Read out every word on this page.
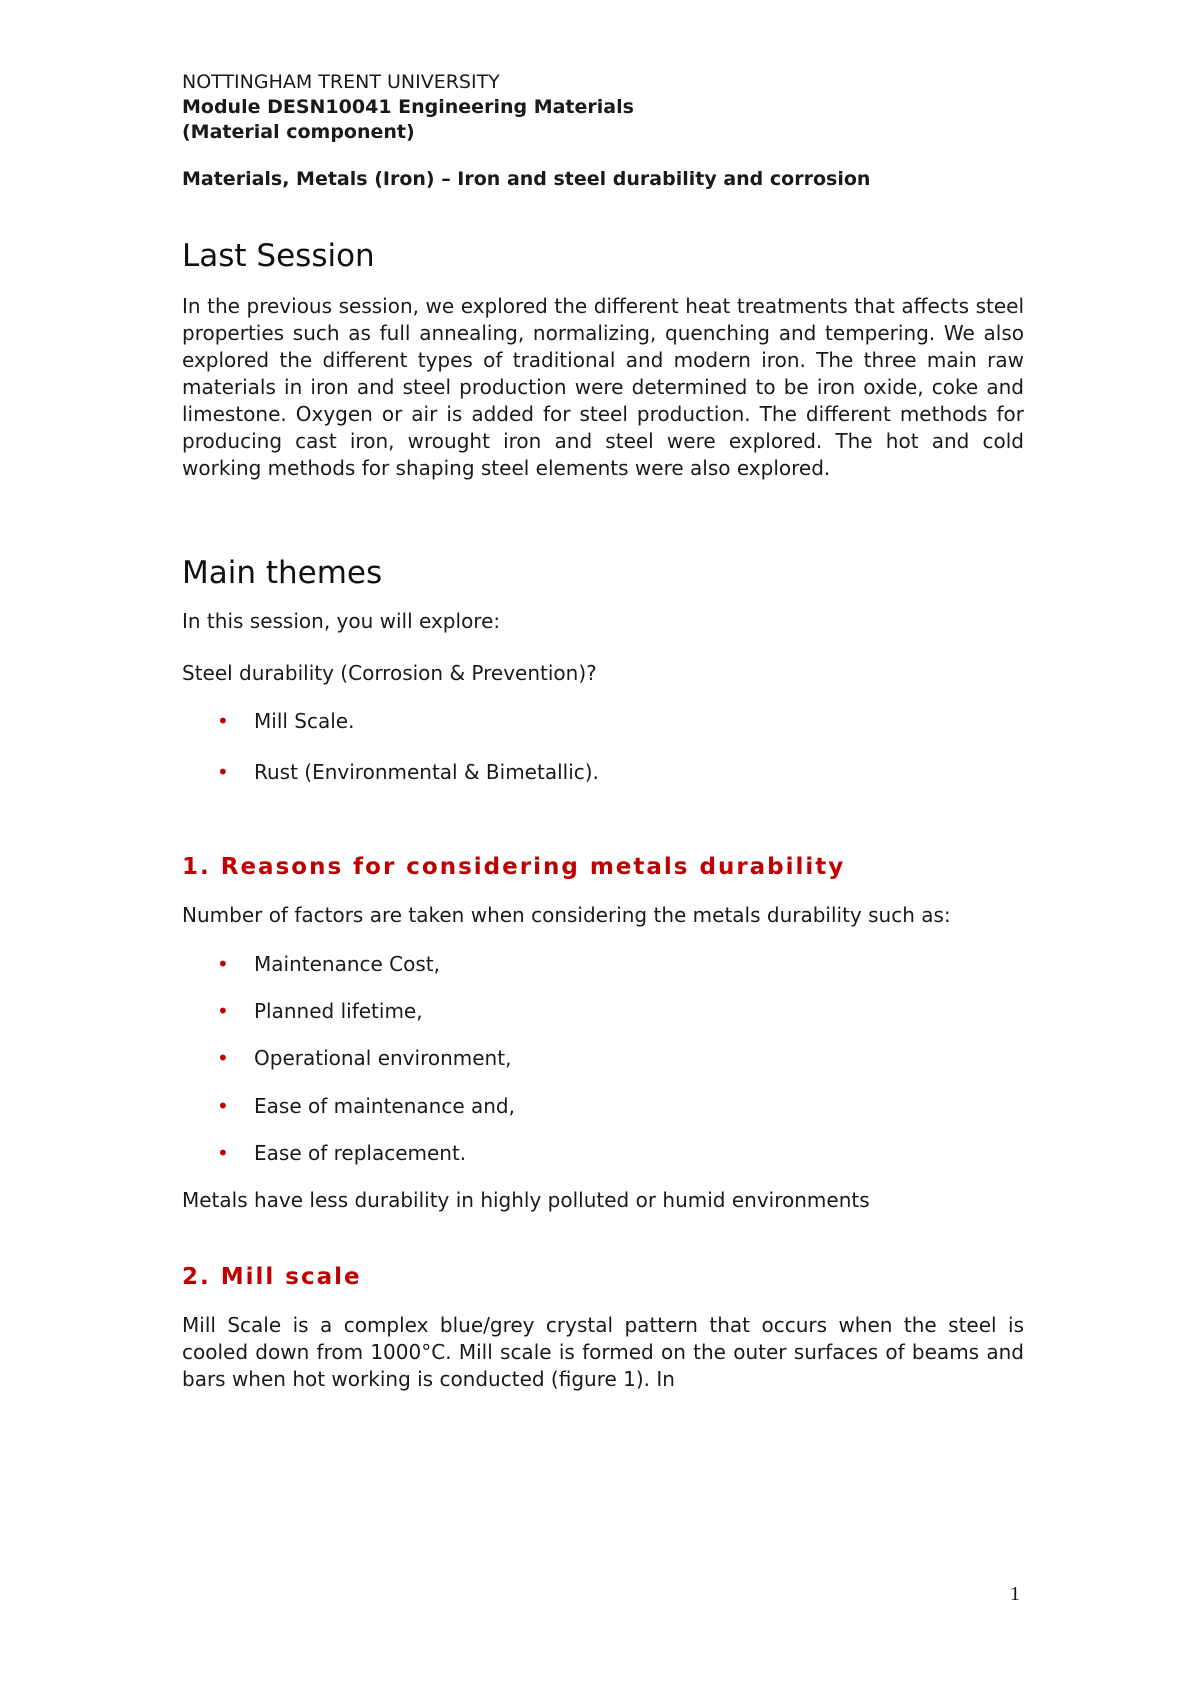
NOTTINGHAM TRENT UNIVERSITY

Module DESN10041 Engineering Materials

(Material component)

Materials, Metals (Iron) – Iron and steel durability and corrosion

Last Session

In the previous session, we explored the different heat treatments that affects steel properties such as full annealing, normalizing, quenching and tempering. We also explored the different types of traditional and modern iron. The three main raw materials in iron and steel production were determined to be iron oxide, coke and limestone. Oxygen or air is added for steel production. The different methods for producing cast iron, wrought iron and steel were explored. The hot and cold working methods for shaping steel elements were also explored.

Main themes

In this session, you will explore:

Steel durability (Corrosion & Prevention)?

• Mill Scale.
• Rust (Environmental & Bimetallic).
1. Reasons for considering metals durability

Number of factors are taken when considering the metals durability such as:

• Maintenance Cost,
• Planned lifetime,
• Operational environment,
• Ease of maintenance and,
• Ease of replacement.

Metals have less durability in highly polluted or humid environments

2. Mill scale

Mill Scale is a complex blue/grey crystal pattern that occurs when the steel is cooled down from 1000°C. Mill scale is formed on the outer surfaces of beams and bars when hot working is conducted (figure 1). In

1
